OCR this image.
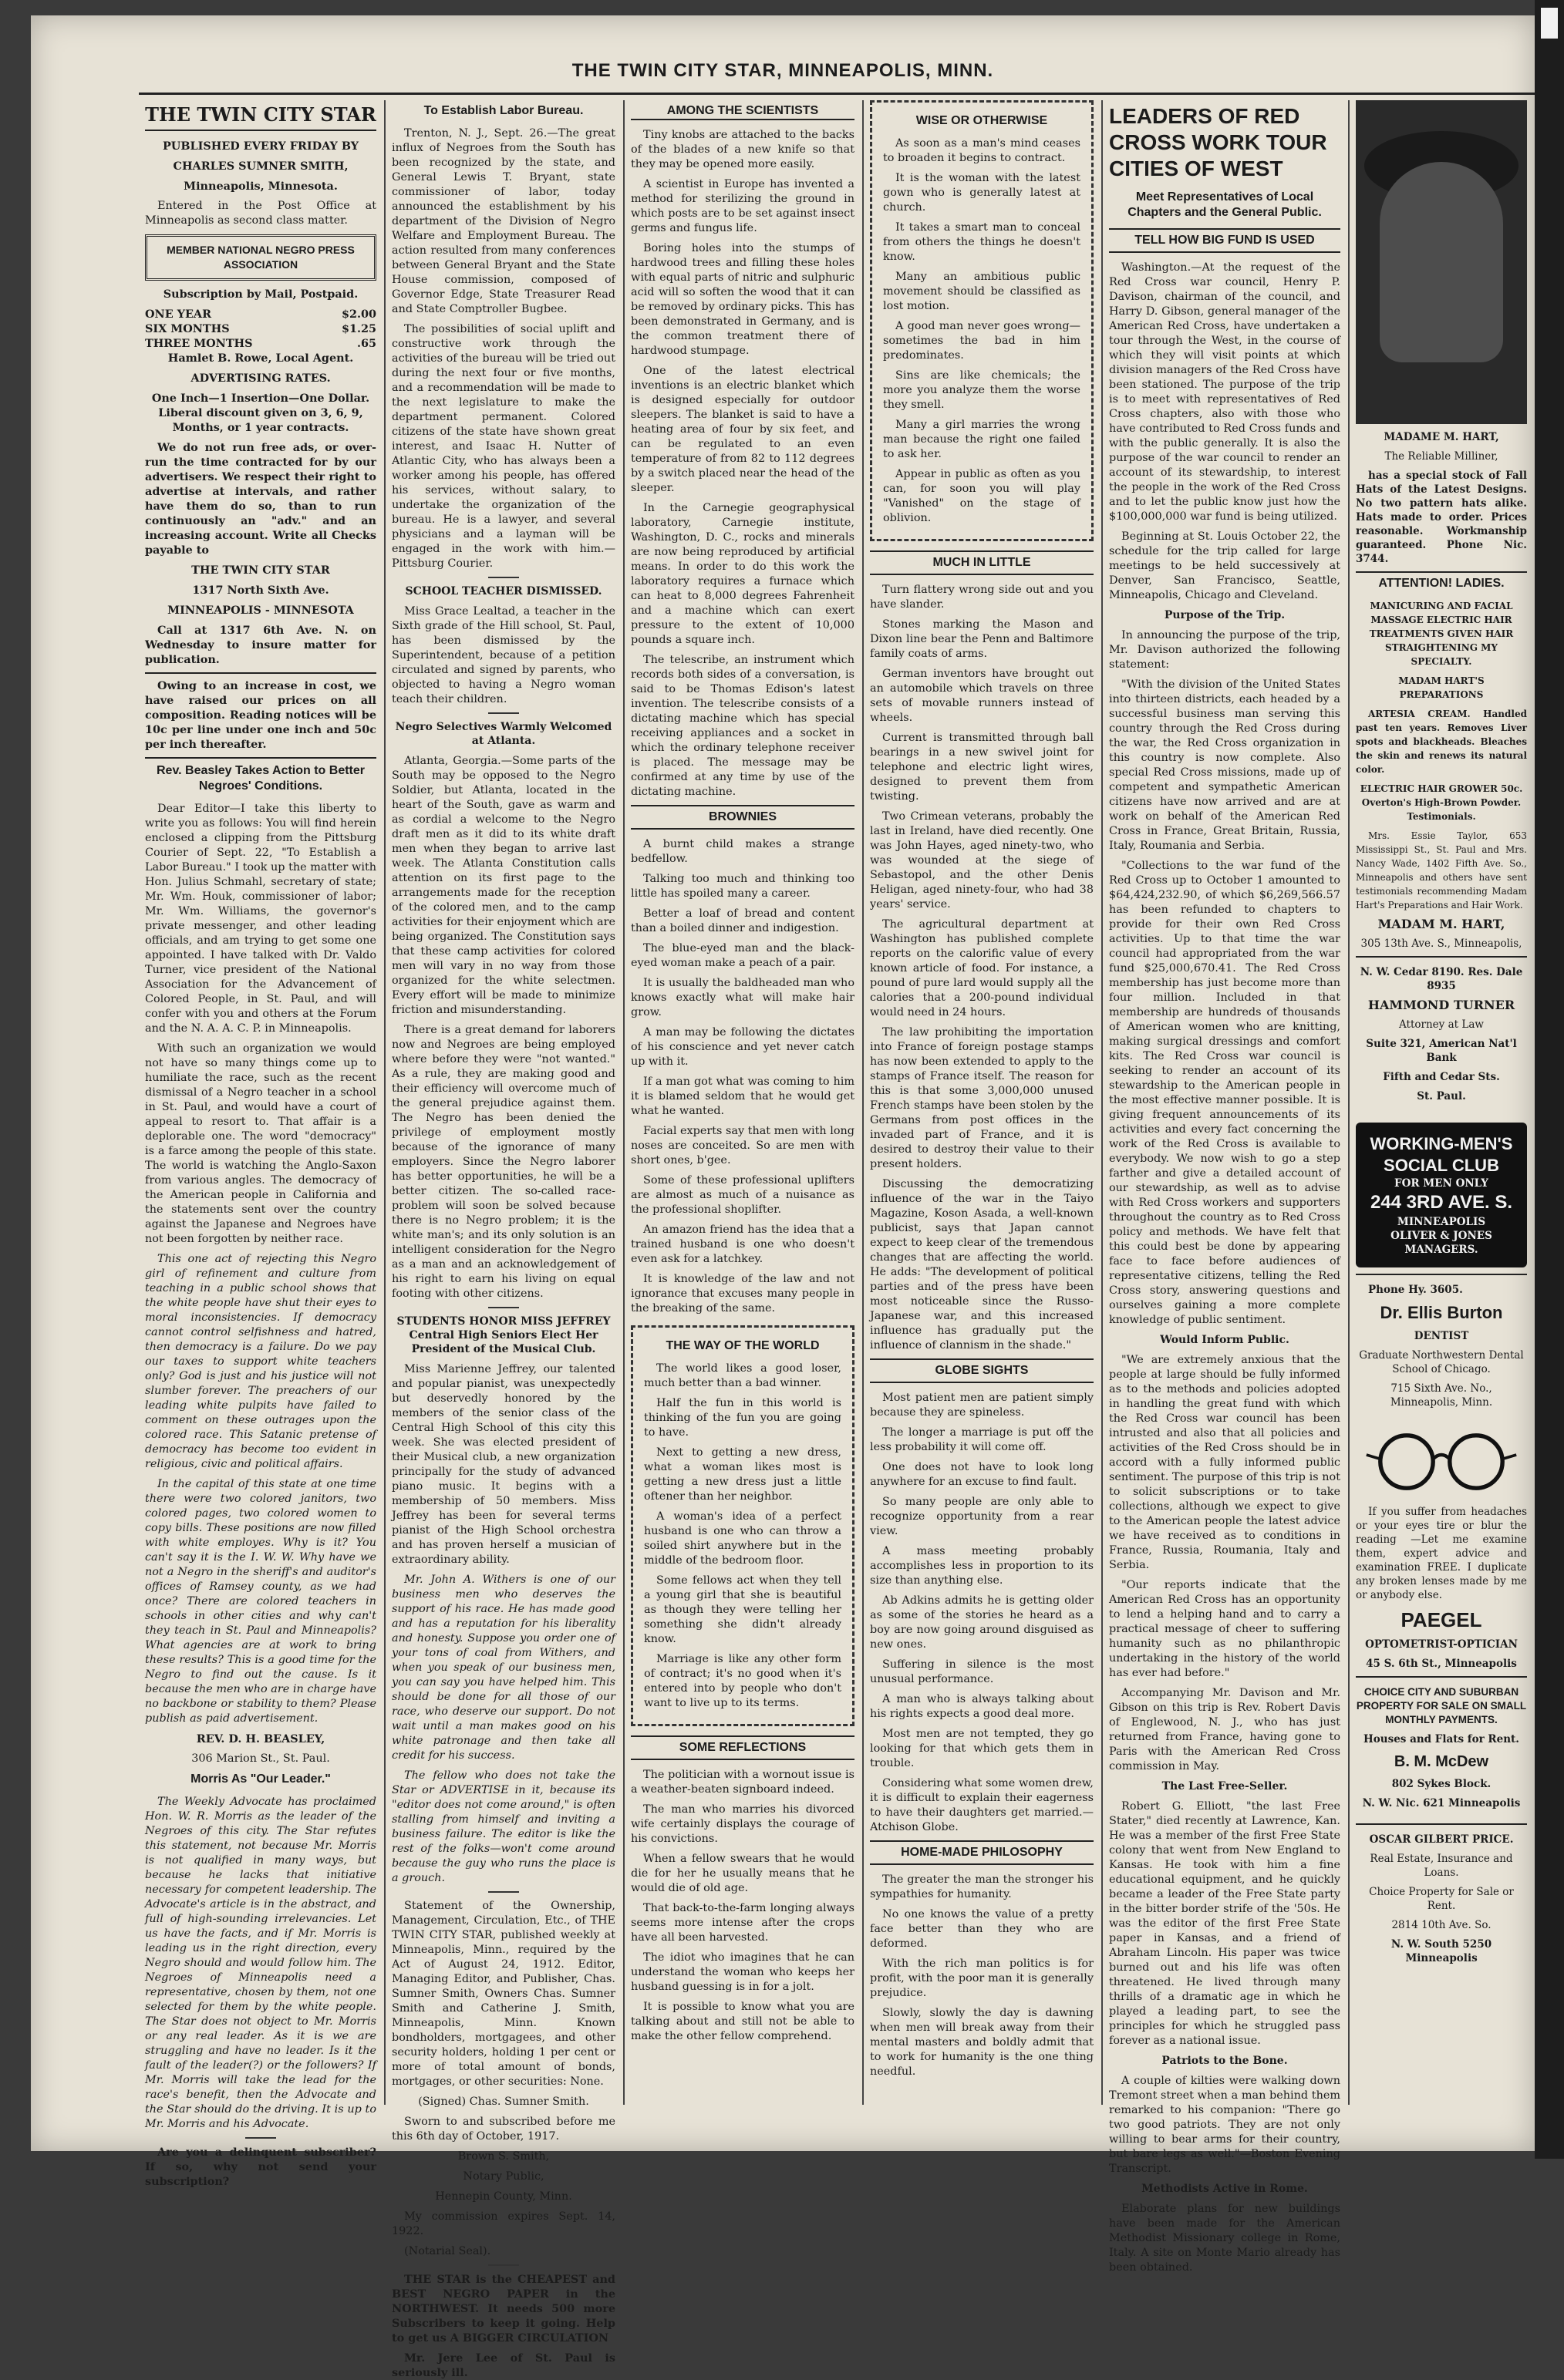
THE TWIN CITY STAR, MINNEAPOLIS, MINN.
THE TWIN CITY STAR

PUBLISHED EVERY FRIDAY BY

CHARLES SUMNER SMITH,

Minneapolis, Minnesota.

Entered in the Post Office at Minneapolis as second class matter.

MEMBER NATIONAL NEGRO PRESS ASSOCIATION

Subscription by Mail, Postpaid.

ONE YEAR	$2.00
SIX MONTHS	$1.25
THREE MONTHS	.65

Hamlet B. Rowe, Local Agent.

ADVERTISING RATES.

One Inch—1 Insertion—One Dollar. Liberal discount given on 3, 6, 9, Months, or 1 year contracts.

We do not run free ads, or over-run the time contracted for by our advertisers. We respect their right to advertise at intervals, and rather have them do so, than to run continuously an "adv." and an increasing account. Write all Checks payable to

THE TWIN CITY STAR

1317 North Sixth Ave.

MINNEAPOLIS - MINNESOTA

Call at 1317 6th Ave. N. on Wednesday to insure matter for publication.

Owing to an increase in cost, we have raised our prices on all composition. Reading notices will be 10c per line under one inch and 50c per inch thereafter.

Rev. Beasley Takes Action to Better Negroes' Conditions.

Dear Editor—I take this liberty to write you as follows: You will find herein enclosed a clipping from the Pittsburg Courier of Sept. 22, "To Establish a Labor Bureau." I took up the matter with Hon. Julius Schmahl, secretary of state; Mr. Wm. Houk, commissioner of labor; Mr. Wm. Williams, the governor's private messenger, and other leading officials, and am trying to get some one appointed. I have talked with Dr. Valdo Turner, vice president of the National Association for the Advancement of Colored People, in St. Paul, and will confer with you and others at the Forum and the N. A. A. C. P. in Minneapolis.

With such an organization we would not have so many things come up to humiliate the race, such as the recent dismissal of a Negro teacher in a school in St. Paul, and would have a court of appeal to resort to. That affair is a deplorable one. The word "democracy" is a farce among the people of this state. The world is watching the Anglo-Saxon from various angles. The democracy of the American people in California and the statements sent over the country against the Japanese and Negroes have not been forgotten by neither race.

This one act of rejecting this Negro girl of refinement and culture from teaching in a public school shows that the white people have shut their eyes to moral inconsistencies. If democracy cannot control selfishness and hatred, then democracy is a failure. Do we pay our taxes to support white teachers only? God is just and his justice will not slumber forever. The preachers of our leading white pulpits have failed to comment on these outrages upon the colored race. This Satanic pretense of democracy has become too evident in religious, civic and political affairs.

In the capital of this state at one time there were two colored janitors, two colored pages, two colored women to copy bills. These positions are now filled with white employes. Why is it? You can't say it is the I. W. W. Why have we not a Negro in the sheriff's and auditor's offices of Ramsey county, as we had once? There are colored teachers in schools in other cities and why can't they teach in St. Paul and Minneapolis? What agencies are at work to bring these results? This is a good time for the Negro to find out the cause. Is it because the men who are in charge have no backbone or stability to them? Please publish as paid advertisement.

REV. D. H. BEASLEY,

306 Marion St., St. Paul.

Morris As "Our Leader."

The Weekly Advocate has proclaimed Hon. W. R. Morris as the leader of the Negroes of this city. The Star refutes this statement, not because Mr. Morris is not qualified in many ways, but because he lacks that initiative necessary for competent leadership. The Advocate's article is in the abstract, and full of high-sounding irrelevancies. Let us have the facts, and if Mr. Morris is leading us in the right direction, every Negro should and would follow him. The Negroes of Minneapolis need a representative, chosen by them, not one selected for them by the white people. The Star does not object to Mr. Morris or any real leader. As it is we are struggling and have no leader. Is it the fault of the leader(?) or the followers? If Mr. Morris will take the lead for the race's benefit, then the Advocate and the Star should do the driving. It is up to Mr. Morris and his Advocate.

Are you a delinquent subscriber? If so, why not send your subscription?

To Establish Labor Bureau.

Trenton, N. J., Sept. 26.—The great influx of Negroes from the South has been recognized by the state, and General Lewis T. Bryant, state commissioner of labor, today announced the establishment by his department of the Division of Negro Welfare and Employment Bureau. The action resulted from many conferences between General Bryant and the State House commission, composed of Governor Edge, State Treasurer Read and State Comptroller Bugbee.

The possibilities of social uplift and constructive work through the activities of the bureau will be tried out during the next four or five months, and a recommendation will be made to the next legislature to make the department permanent. Colored citizens of the state have shown great interest, and Isaac H. Nutter of Atlantic City, who has always been a worker among his people, has offered his services, without salary, to undertake the organization of the bureau. He is a lawyer, and several physicians and a layman will be engaged in the work with him.—Pittsburg Courier.

SCHOOL TEACHER DISMISSED.

Miss Grace Lealtad, a teacher in the Sixth grade of the Hill school, St. Paul, has been dismissed by the Superintendent, because of a petition circulated and signed by parents, who objected to having a Negro woman teach their children.

Negro Selectives Warmly Welcomed at Atlanta.

Atlanta, Georgia.—Some parts of the South may be opposed to the Negro Soldier, but Atlanta, located in the heart of the South, gave as warm and as cordial a welcome to the Negro draft men as it did to its white draft men when they began to arrive last week. The Atlanta Constitution calls attention on its first page to the arrangements made for the reception of the colored men, and to the camp activities for their enjoyment which are being organized. The Constitution says that these camp activities for colored men will vary in no way from those organized for the white selectmen. Every effort will be made to minimize friction and misunderstanding.

There is a great demand for laborers now and Negroes are being employed where before they were "not wanted." As a rule, they are making good and their efficiency will overcome much of the general prejudice against them. The Negro has been denied the privilege of employment mostly because of the ignorance of many employers. Since the Negro laborer has better opportunities, he will be a better citizen. The so-called race-problem will soon be solved because there is no Negro problem; it is the white man's; and its only solution is an intelligent consideration for the Negro as a man and an acknowledgement of his right to earn his living on equal footing with other citizens.

STUDENTS HONOR MISS JEFFREY Central High Seniors Elect Her President of the Musical Club.

Miss Marienne Jeffrey, our talented and popular pianist, was unexpectedly but deservedly honored by the members of the senior class of the Central High School of this city this week. She was elected president of their Musical club, a new organization principally for the study of advanced piano music. It begins with a membership of 50 members. Miss Jeffrey has been for several terms pianist of the High School orchestra and has proven herself a musician of extraordinary ability.

Mr. John A. Withers is one of our business men who deserves the support of his race. He has made good and has a reputation for his liberality and honesty. Suppose you order one of your tons of coal from Withers, and when you speak of our business men, you can say you have helped him. This should be done for all those of our race, who deserve our support. Do not wait until a man makes good on his white patronage and then take all credit for his success.

The fellow who does not take the Star or ADVERTISE in it, because its "editor does not come around," is often stalling from himself and inviting a business failure. The editor is like the rest of the folks—won't come around because the guy who runs the place is a grouch.

Statement of the Ownership, Management, Circulation, Etc., of THE TWIN CITY STAR, published weekly at Minneapolis, Minn., required by the Act of August 24, 1912. Editor, Managing Editor, and Publisher, Chas. Sumner Smith, Owners Chas. Sumner Smith and Catherine J. Smith, Minneapolis, Minn. Known bondholders, mortgagees, and other security holders, holding 1 per cent or more of total amount of bonds, mortgages, or other securities: None.

(Signed) Chas. Sumner Smith.

Sworn to and subscribed before me this 6th day of October, 1917.

Brown S. Smith,

Notary Public,

Hennepin County, Minn.

My commission expires Sept. 14, 1922.

(Notarial Seal).

THE STAR is the CHEAPEST and BEST NEGRO PAPER in the NORTHWEST. It needs 500 more Subscribers to keep it going. Help to get us A BIGGER CIRCULATION

Mr. Jere Lee of St. Paul is seriously ill.

AMONG THE SCIENTISTS

Tiny knobs are attached to the backs of the blades of a new knife so that they may be opened more easily.

A scientist in Europe has invented a method for sterilizing the ground in which posts are to be set against insect germs and fungus life.

Boring holes into the stumps of hardwood trees and filling these holes with equal parts of nitric and sulphuric acid will so soften the wood that it can be removed by ordinary picks. This has been demonstrated in Germany, and is the common treatment there of hardwood stumpage.

One of the latest electrical inventions is an electric blanket which is designed especially for outdoor sleepers. The blanket is said to have a heating area of four by six feet, and can be regulated to an even temperature of from 82 to 112 degrees by a switch placed near the head of the sleeper.

In the Carnegie geographysical laboratory, Carnegie institute, Washington, D. C., rocks and minerals are now being reproduced by artificial means. In order to do this work the laboratory requires a furnace which can heat to 8,000 degrees Fahrenheit and a machine which can exert pressure to the extent of 10,000 pounds a square inch.

The telescribe, an instrument which records both sides of a conversation, is said to be Thomas Edison's latest invention. The telescribe consists of a dictating machine which has special receiving appliances and a socket in which the ordinary telephone receiver is placed. The message may be confirmed at any time by use of the dictating machine.

BROWNIES

A burnt child makes a strange bedfellow.

Talking too much and thinking too little has spoiled many a career.

Better a loaf of bread and content than a boiled dinner and indigestion.

The blue-eyed man and the black-eyed woman make a peach of a pair.

It is usually the baldheaded man who knows exactly what will make hair grow.

A man may be following the dictates of his conscience and yet never catch up with it.

If a man got what was coming to him it is blamed seldom that he would get what he wanted.

Facial experts say that men with long noses are conceited. So are men with short ones, b'gee.

Some of these professional uplifters are almost as much of a nuisance as the professional shoplifter.

An amazon friend has the idea that a trained husband is one who doesn't even ask for a latchkey.

It is knowledge of the law and not ignorance that excuses many people in the breaking of the same.

THE WAY OF THE WORLD

The world likes a good loser, much better than a bad winner.

Half the fun in this world is thinking of the fun you are going to have.

Next to getting a new dress, what a woman likes most is getting a new dress just a little oftener than her neighbor.

A woman's idea of a perfect husband is one who can throw a soiled shirt anywhere but in the middle of the bedroom floor.

Some fellows act when they tell a young girl that she is beautiful as though they were telling her something she didn't already know.

Marriage is like any other form of contract; it's no good when it's entered into by people who don't want to live up to its terms.

SOME REFLECTIONS

The politician with a wornout issue is a weather-beaten signboard indeed.

The man who marries his divorced wife certainly displays the courage of his convictions.

When a fellow swears that he would die for her he usually means that he would die of old age.

That back-to-the-farm longing always seems more intense after the crops have all been harvested.

The idiot who imagines that he can understand the woman who keeps her husband guessing is in for a jolt.

It is possible to know what you are talking about and still not be able to make the other fellow comprehend.

WISE OR OTHERWISE

As soon as a man's mind ceases to broaden it begins to contract.

It is the woman with the latest gown who is generally latest at church.

It takes a smart man to conceal from others the things he doesn't know.

Many an ambitious public movement should be classified as lost motion.

A good man never goes wrong—sometimes the bad in him predominates.

Sins are like chemicals; the more you analyze them the worse they smell.

Many a girl marries the wrong man because the right one failed to ask her.

Appear in public as often as you can, for soon you will play "Vanished" on the stage of oblivion.

MUCH IN LITTLE

Turn flattery wrong side out and you have slander.

Stones marking the Mason and Dixon line bear the Penn and Baltimore family coats of arms.

German inventors have brought out an automobile which travels on three sets of movable runners instead of wheels.

Current is transmitted through ball bearings in a new swivel joint for telephone and electric light wires, designed to prevent them from twisting.

Two Crimean veterans, probably the last in Ireland, have died recently. One was John Hayes, aged ninety-two, who was wounded at the siege of Sebastopol, and the other Denis Heligan, aged ninety-four, who had 38 years' service.

The agricultural department at Washington has published complete reports on the calorific value of every known article of food. For instance, a pound of pure lard would supply all the calories that a 200-pound individual would need in 24 hours.

The law prohibiting the importation into France of foreign postage stamps has now been extended to apply to the stamps of France itself. The reason for this is that some 3,000,000 unused French stamps have been stolen by the Germans from post offices in the invaded part of France, and it is desired to destroy their value to their present holders.

Discussing the democratizing influence of the war in the Taiyo Magazine, Koson Asada, a well-known publicist, says that Japan cannot expect to keep clear of the tremendous changes that are affecting the world. He adds: "The development of political parties and of the press have been most noticeable since the Russo-Japanese war, and this increased influence has gradually put the influence of clannism in the shade."

GLOBE SIGHTS

Most patient men are patient simply because they are spineless.

The longer a marriage is put off the less probability it will come off.

One does not have to look long anywhere for an excuse to find fault.

So many people are only able to recognize opportunity from a rear view.

A mass meeting probably accomplishes less in proportion to its size than anything else.

Ab Adkins admits he is getting older as some of the stories he heard as a boy are now going around disguised as new ones.

Suffering in silence is the most unusual performance.

A man who is always talking about his rights expects a good deal more.

Most men are not tempted, they go looking for that which gets them in trouble.

Considering what some women drew, it is difficult to explain their eagerness to have their daughters get married.—Atchison Globe.

HOME-MADE PHILOSOPHY

The greater the man the stronger his sympathies for humanity.

No one knows the value of a pretty face better than they who are deformed.

With the rich man politics is for profit, with the poor man it is generally prejudice.

Slowly, slowly the day is dawning when men will break away from their mental masters and boldly admit that to work for humanity is the one thing needful.

LEADERS OF RED CROSS WORK TOUR CITIES OF WEST
Meet Representatives of Local Chapters and the General Public.
TELL HOW BIG FUND IS USED

Washington.—At the request of the Red Cross war council, Henry P. Davison, chairman of the council, and Harry D. Gibson, general manager of the American Red Cross, have undertaken a tour through the West, in the course of which they will visit points at which division managers of the Red Cross have been stationed. The purpose of the trip is to meet with representatives of Red Cross chapters, also with those who have contributed to Red Cross funds and with the public generally. It is also the purpose of the war council to render an account of its stewardship, to interest the people in the work of the Red Cross and to let the public know just how the $100,000,000 war fund is being utilized.

Beginning at St. Louis October 22, the schedule for the trip called for large meetings to be held successively at Denver, San Francisco, Seattle, Minneapolis, Chicago and Cleveland.

Purpose of the Trip.

In announcing the purpose of the trip, Mr. Davison authorized the following statement:

"With the division of the United States into thirteen districts, each headed by a successful business man serving this country through the Red Cross during the war, the Red Cross organization in this country is now complete. Also special Red Cross missions, made up of competent and sympathetic American citizens have now arrived and are at work on behalf of the American Red Cross in France, Great Britain, Russia, Italy, Roumania and Serbia.

"Collections to the war fund of the Red Cross up to October 1 amounted to $64,424,232.90, of which $6,269,566.57 has been refunded to chapters to provide for their own Red Cross activities. Up to that time the war council had appropriated from the war fund $25,000,670.41. The Red Cross membership has just become more than four million. Included in that membership are hundreds of thousands of American women who are knitting, making surgical dressings and comfort kits. The Red Cross war council is seeking to render an account of its stewardship to the American people in the most effective manner possible. It is giving frequent announcements of its activities and every fact concerning the work of the Red Cross is available to everybody. We now wish to go a step farther and give a detailed account of our stewardship, as well as to advise with Red Cross workers and supporters throughout the country as to Red Cross policy and methods. We have felt that this could best be done by appearing face to face before audiences of representative citizens, telling the Red Cross story, answering questions and ourselves gaining a more complete knowledge of public sentiment.

Would Inform Public.

"We are extremely anxious that the people at large should be fully informed as to the methods and policies adopted in handling the great fund with which the Red Cross war council has been intrusted and also that all policies and activities of the Red Cross should be in accord with a fully informed public sentiment. The purpose of this trip is not to solicit subscriptions or to take collections, although we expect to give to the American people the latest advice we have received as to conditions in France, Russia, Roumania, Italy and Serbia.

"Our reports indicate that the American Red Cross has an opportunity to lend a helping hand and to carry a practical message of cheer to suffering humanity such as no philanthropic undertaking in the history of the world has ever had before."

Accompanying Mr. Davison and Mr. Gibson on this trip is Rev. Robert Davis of Englewood, N. J., who has just returned from France, having gone to Paris with the American Red Cross commission in May.

The Last Free-Seller.

Robert G. Elliott, "the last Free Stater," died recently at Lawrence, Kan. He was a member of the first Free State colony that went from New England to Kansas. He took with him a fine educational equipment, and he quickly became a leader of the Free State party in the bitter border strife of the '50s. He was the editor of the first Free State paper in Kansas, and a friend of Abraham Lincoln. His paper was twice burned out and his life was often threatened. He lived through many thrills of a dramatic age in which he played a leading part, to see the principles for which he struggled pass forever as a national issue.

Patriots to the Bone.

A couple of kilties were walking down Tremont street when a man behind them remarked to his companion: "There go two good patriots. They are not only willing to bear arms for their country, but bare legs as well."—Boston Evening Transcript.

Methodists Active in Rome.

Elaborate plans for new buildings have been made for the American Methodist Missionary college in Rome, Italy. A site on Monte Mario already has been obtained.

MADAME M. HART,

The Reliable Milliner,

has a special stock of Fall Hats of the Latest Designs. No two pattern hats alike. Hats made to order. Prices reasonable. Workmanship guaranteed. Phone Nic. 3744.

ATTENTION! LADIES.

MANICURING AND FACIAL MASSAGE ELECTRIC HAIR TREATMENTS GIVEN HAIR STRAIGHTENING MY SPECIALTY.

MADAM HART'S PREPARATIONS

ARTESIA CREAM. Handled past ten years. Removes Liver spots and blackheads. Bleaches the skin and renews its natural color.

ELECTRIC HAIR GROWER 50c. Overton's High-Brown Powder. Testimonials.

Mrs. Essie Taylor, 653 Mississippi St., St. Paul and Mrs. Nancy Wade, 1402 Fifth Ave. So., Minneapolis and others have sent testimonials recommending Madam Hart's Preparations and Hair Work.

MADAM M. HART,

305 13th Ave. S., Minneapolis,

N. W. Cedar 8190. Res. Dale 8935

HAMMOND TURNER

Attorney at Law

Suite 321, American Nat'l Bank

Fifth and Cedar Sts.

St. Paul.

WORKING-MEN'S
SOCIAL CLUB
FOR MEN ONLY
244 3RD AVE. S.
MINNEAPOLIS
OLIVER & JONES
MANAGERS.

Phone Hy. 3605.

Dr. Ellis Burton

DENTIST

Graduate Northwestern Dental School of Chicago.

715 Sixth Ave. No., Minneapolis, Minn.

If you suffer from headaches or your eyes tire or blur the reading —Let me examine them, expert advice and examination FREE. I duplicate any broken lenses made by me or anybody else.

PAEGEL

OPTOMETRIST-OPTICIAN

45 S. 6th St., Minneapolis

CHOICE CITY AND SUBURBAN PROPERTY FOR SALE ON SMALL MONTHLY PAYMENTS.

Houses and Flats for Rent.

B. M. McDew

802 Sykes Block.

N. W. Nic. 621 Minneapolis

OSCAR GILBERT PRICE.

Real Estate, Insurance and Loans.

Choice Property for Sale or Rent.

2814 10th Ave. So.

N. W. South 5250 Minneapolis
